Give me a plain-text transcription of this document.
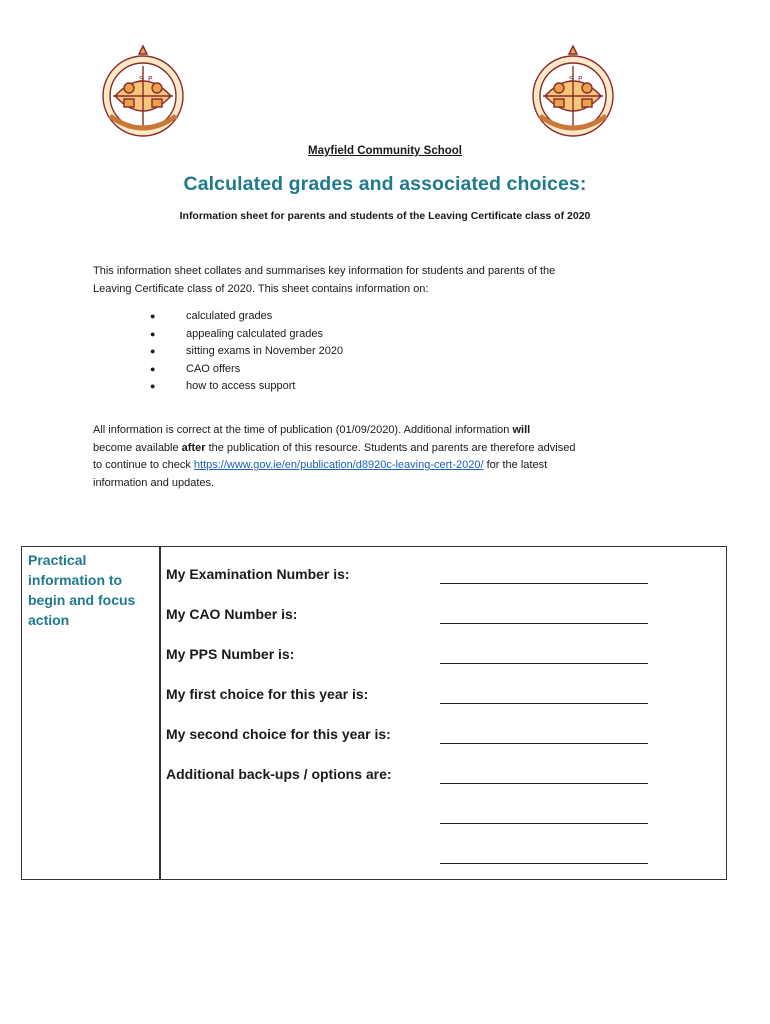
S P	S P
Mayfield Community School
Calculated grades and associated choices:
Information sheet for parents and students of the Leaving Certificate class of 2020
This information sheet collates and summarises key information for students and parents of the
Leaving Certificate class of 2020. This sheet contains information on:
● calculated grades
● appealing calculated grades
● sitting exams in November 2020
● CAO offers
● how to access support
All information is correct at the time of publication (01/09/2020). Additional information will
become available after the publication of this resource. Students and parents are therefore advised
to continue to check https://www.gov.ie/en/publication/d8920c-leaving-cert-2020/ for the latest
information and updates.
Practical information to begin and focus action
My Examination Number is:
My CAO Number is:
My PPS Number is:
My first choice for this year is:
My second choice for this year is:
Additional back-ups / options are:
